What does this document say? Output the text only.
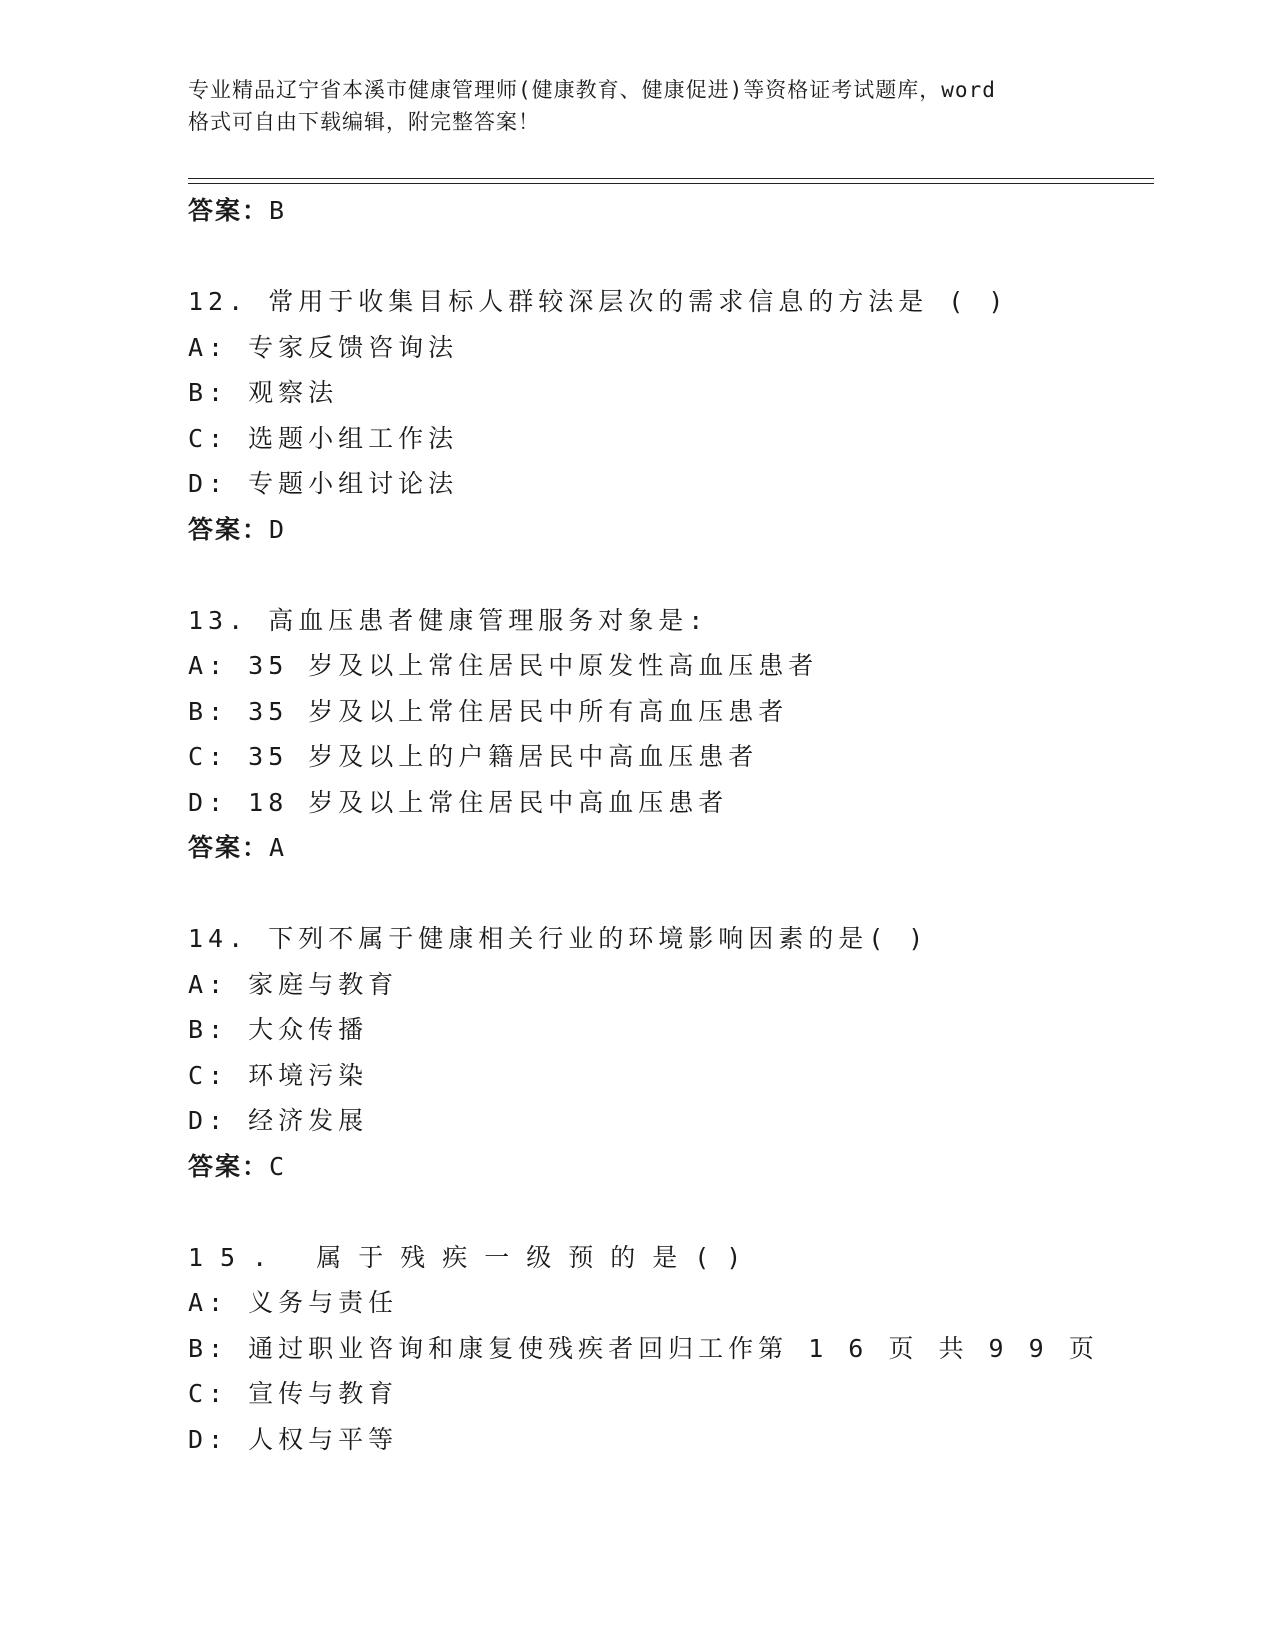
专业精品辽宁省本溪市健康管理师(健康教育、健康促进)等资格证考试题库，word
格式可自由下载编辑，附完整答案！
答案：B
12. 常用于收集目标人群较深层次的需求信息的方法是 ( )
A: 专家反馈咨询法
B: 观察法
C: 选题小组工作法
D: 专题小组讨论法
答案：D
13. 高血压患者健康管理服务对象是:
A: 35 岁及以上常住居民中原发性高血压患者
B: 35 岁及以上常住居民中所有高血压患者
C: 35 岁及以上的户籍居民中高血压患者
D: 18 岁及以上常住居民中高血压患者
答案：A
14. 下列不属于健康相关行业的环境影响因素的是( )
A: 家庭与教育
B: 大众传播
C: 环境污染
D: 经济发展
答案：C
15. 属于残疾一级预的是()
A: 义务与责任
B: 通过职业咨询和康复使残疾者回归工作第 1 6 页 共 9 9 页
C: 宣传与教育
D: 人权与平等
